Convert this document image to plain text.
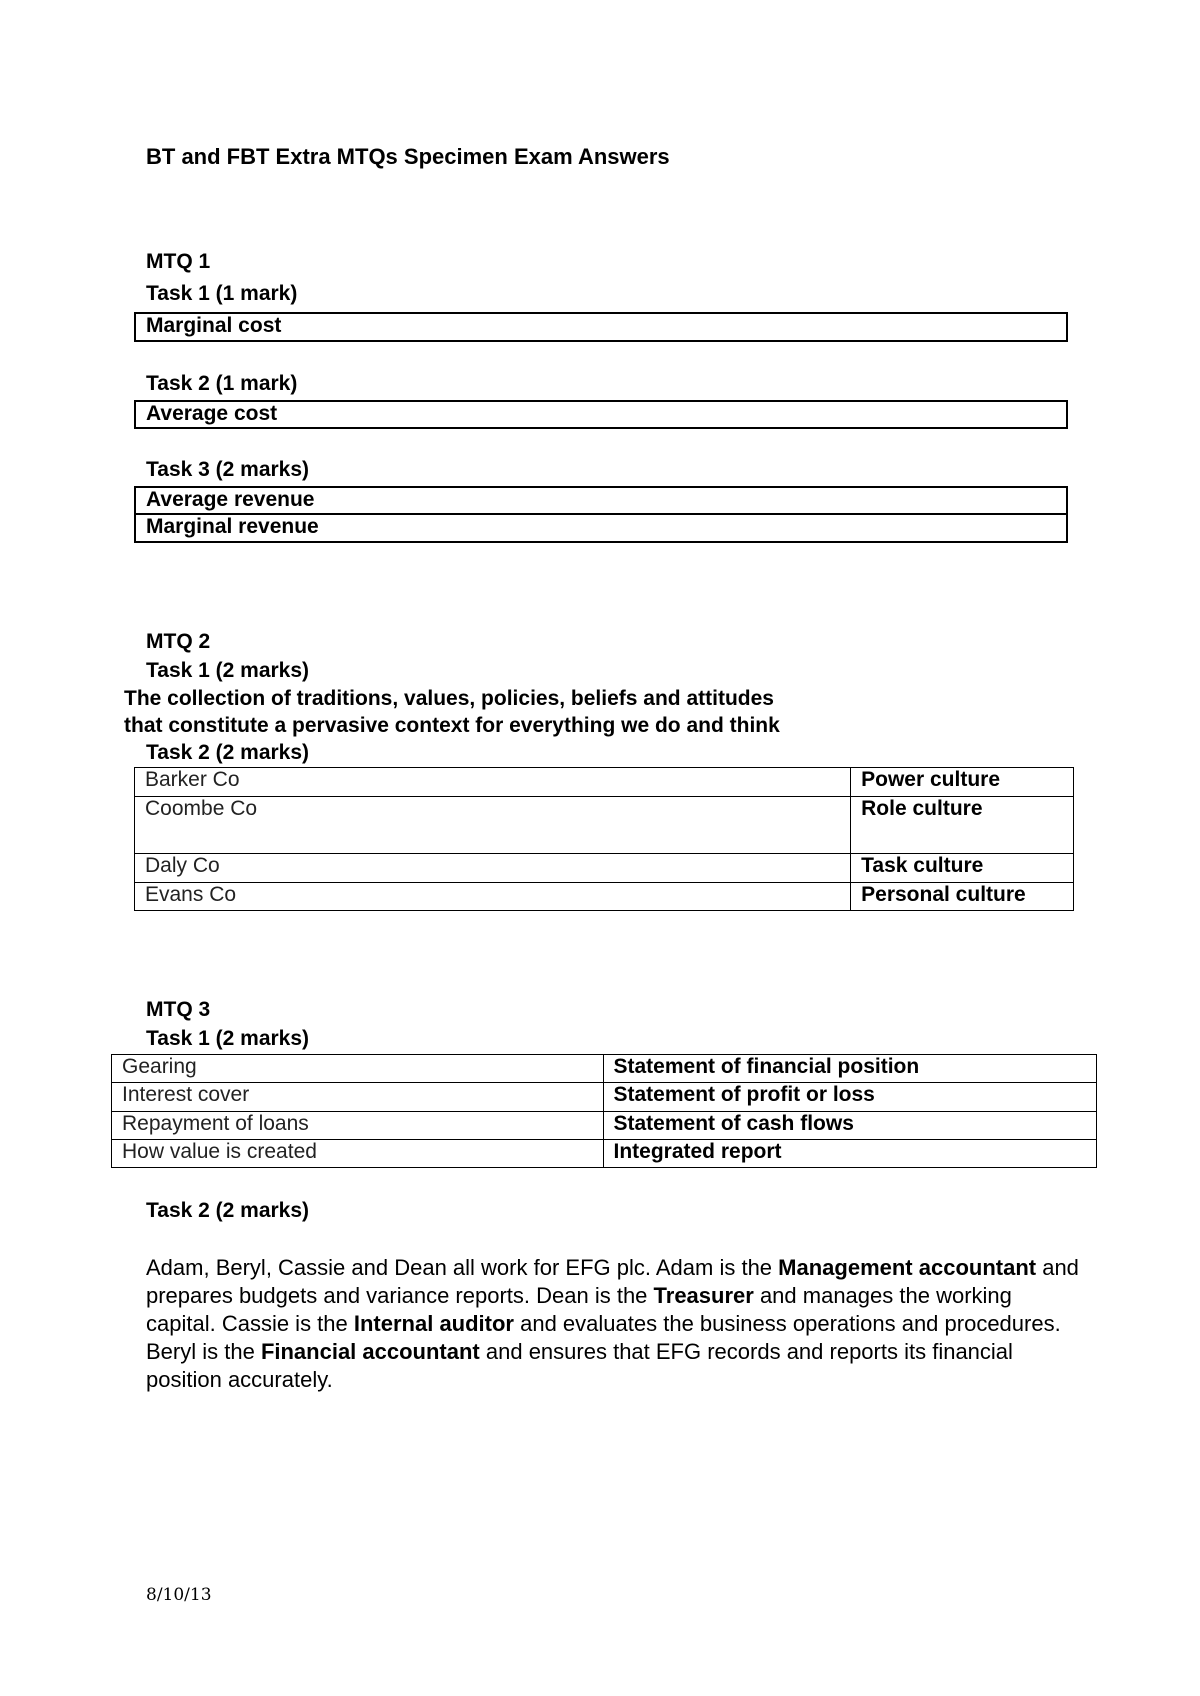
BT and FBT Extra MTQs Specimen Exam Answers
MTQ 1
Task 1 (1 mark)
Marginal cost
Task 2 (1 mark)
Average cost
Task 3 (2 marks)
Average revenue
Marginal revenue
MTQ 2
Task 1 (2 marks)
The collection of traditions, values, policies, beliefs and attitudes
that constitute a pervasive context for everything we do and think
Task 2 (2 marks)
Barker Co	Power culture
Coombe Co	Role culture
Daly Co	Task culture
Evans Co	Personal culture
MTQ 3
Task 1 (2 marks)
Gearing	Statement of financial position
Interest cover	Statement of profit or loss
Repayment of loans	Statement of cash flows
How value is created	Integrated report
Task 2 (2 marks)
Adam, Beryl, Cassie and Dean all work for EFG plc. Adam is the Management accountant and prepares budgets and variance reports. Dean is the Treasurer and manages the working capital. Cassie is the Internal auditor and evaluates the business operations and procedures. Beryl is the Financial accountant and ensures that EFG records and reports its financial position accurately.
8/10/13
